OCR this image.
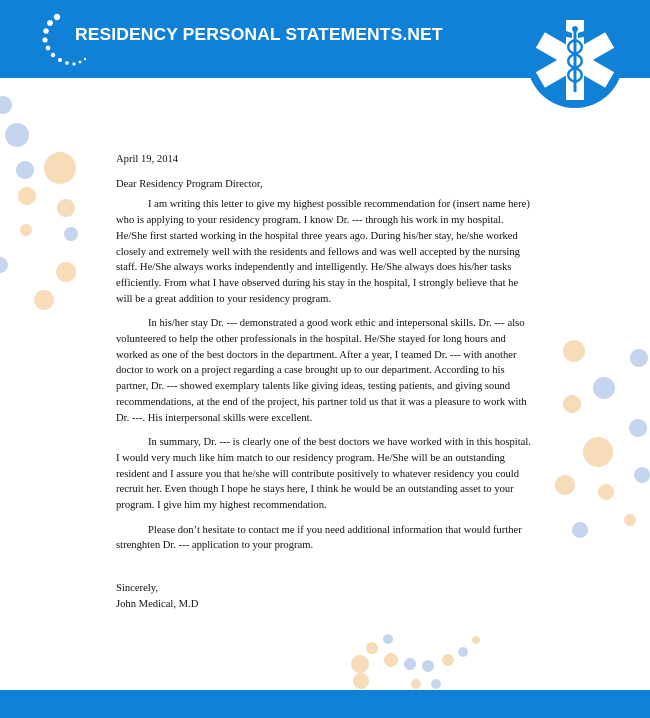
RESIDENCY PERSONAL STATEMENTS.NET

April 19, 2014

Dear Residency Program Director,

I am writing this letter to give my highest possible recommendation for (insert name here) who is applying to your residency program. I know Dr. --- through his work in my hospital. He/She first started working in the hospital three years ago. During his/her stay, he/she worked closely and extremely well with the residents and fellows and was well accepted by the nursing staff. He/She always works independently and intelligently. He/She always does his/her tasks efficiently. From what I have observed during his stay in the hospital, I strongly believe that he will be a great addition to your residency program.

In his/her stay Dr. --- demonstrated a good work ethic and intepersonal skills. Dr. --- also volunteered to help the other professionals in the hospital. He/She stayed for long hours and worked as one of the best doctors in the department. After a year, I teamed Dr. --- with another doctor to work on a project regarding a case brought up to our department. According to his partner, Dr. --- showed exemplary talents like giving ideas, testing patients, and giving sound recommendations, at the end of the project, his partner told us that it was a pleasure to work with Dr. ---. His interpersonal skills were excellent.

In summary, Dr. --- is clearly one of the best doctors we have worked with in this hospital. I would very much like him match to our residency program. He/She will be an outstanding resident and I assure you that he/she will contribute positively to whatever residency you could recruit her. Even though I hope he stays here, I think he would be an outstanding asset to your program. I give him my highest recommendation.

Please don’t hesitate to contact me if you need additional information that would further strenghten Dr. --- application to your program.

Sincerely,

John Medical, M.D
